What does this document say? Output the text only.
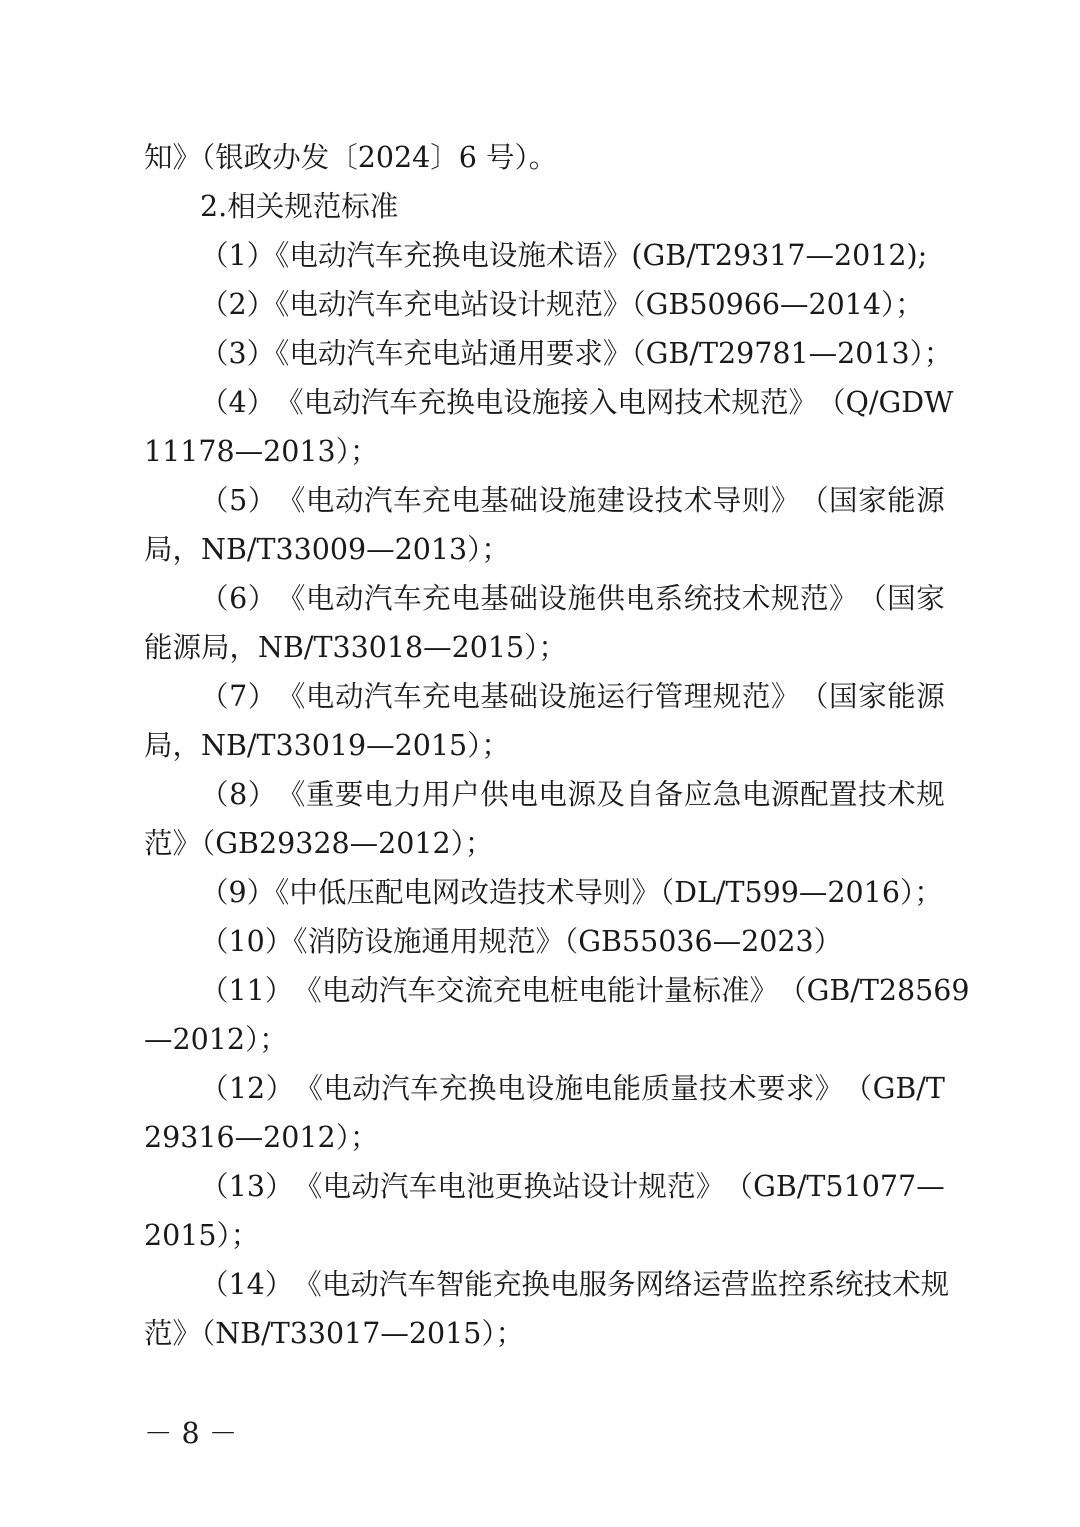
知》（银政办发〔2024〕6 号）。
2.相关规范标准
（1）《电动汽车充换电设施术语》(GB/T29317—2012);
（2）《电动汽车充电站设计规范》（GB50966—2014）；
（3）《电动汽车充电站通用要求》（GB/T29781—2013）；
（ 4 ） 《 电 动 汽 车 充 换 电 设 施 接 入 电 网 技 术 规 范 》 （ Q/GDW
11178—2013）；
（ 5 ） 《 电 动 汽 车 充 电 基 础 设 施 建 设 技 术 导 则 》 （ 国 家 能 源
局，NB/T33009—2013）；
（ 6 ） 《 电 动 汽 车 充 电 基 础 设 施 供 电 系 统 技 术 规 范 》 （ 国 家
能源局，NB/T33018—2015）；
（ 7 ） 《 电 动 汽 车 充 电 基 础 设 施 运 行 管 理 规 范 》 （ 国 家 能 源
局，NB/T33019—2015）；
（ 8 ） 《 重 要 电 力 用 户 供 电 电 源 及 自 备 应 急 电 源 配 置 技 术 规
范》（GB29328—2012）；
（9）《中低压配电网改造技术导则》（DL/T599—2016）；
（10）《消防设施通用规范》（GB55036—2023）
（ 11 ） 《 电 动 汽 车 交 流 充 电 桩 电 能 计 量 标 准 》 （ GB/T28569
—2012）；
（ 12 ） 《 电 动 汽 车 充 换 电 设 施 电 能 质 量 技 术 要 求 》 （ GB/T
29316—2012）；
（ 13 ） 《 电 动 汽 车 电 池 更 换 站 设 计 规 范 》 （ GB/T51077 —
2015）；
（ 14 ） 《 电 动 汽 车 智 能 充 换 电 服 务 网 络 运 营 监 控 系 统 技 术 规
范》（NB/T33017—2015）；
－ 8 －
